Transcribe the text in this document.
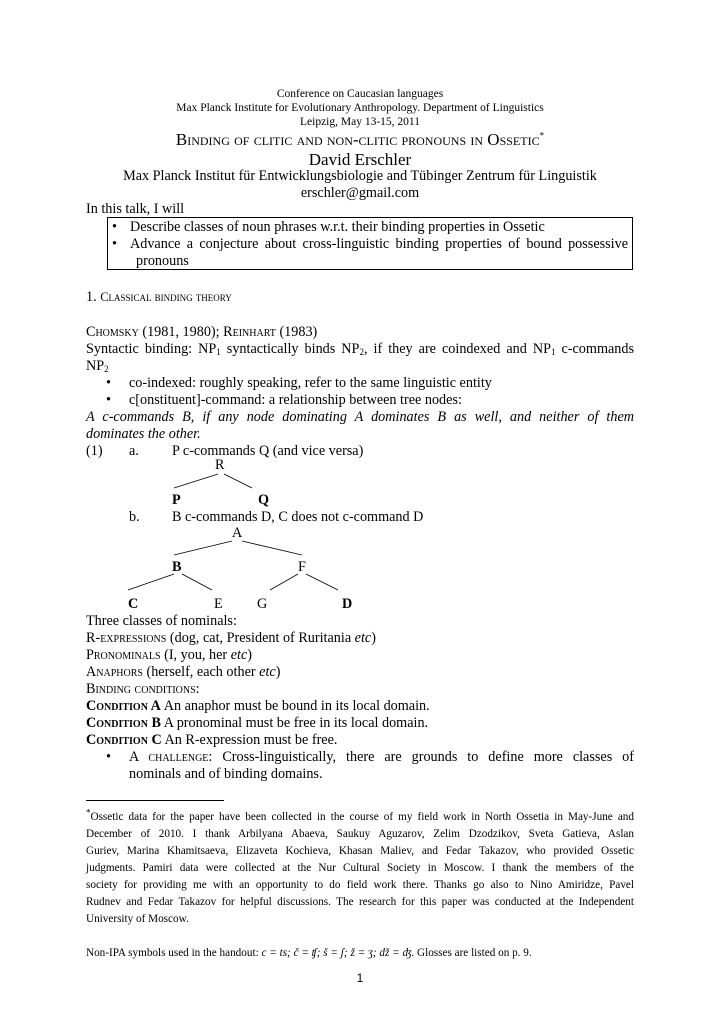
Conference on Caucasian languages
Max Planck Institute for Evolutionary Anthropology. Department of Linguistics
Leipzig, May 13-15, 2011
Binding of clitic and non-clitic pronouns in Ossetic*
David Erschler
Max Planck Institut für Entwicklungsbiologie and Tübinger Zentrum für Linguistik
erschler@gmail.com
In this talk, I will
• Describe classes of noun phrases w.r.t. their binding properties in Ossetic
• Advance a conjecture about cross-linguistic binding properties of bound possessive
pronouns
1. Classical binding theory
Chomsky (1981, 1980); Reinhart (1983)
Syntactic binding: $NP_1$ syntactically binds $NP_2$, if they are coindexed and $NP_1$ c-commands
$NP_2$
• co-indexed: roughly speaking, refer to the same linguistic entity
• c[onstituent]-command: a relationship between tree nodes:
A c-commands B, if any node dominating A dominates B as well, and neither of them
dominates the other.
(1) a. P c-commands Q (and vice versa)
R
P	Q
b. B c-commands D, C does not c-command D
A
B	F
C	E G	D
Three classes of nominals:
R-expressions (dog, cat, President of Ruritania etc)
Pronominals (I, you, her etc)
Anaphors (herself, each other etc)
Binding conditions:
Condition A An anaphor must be bound in its local domain.
Condition B A pronominal must be free in its local domain.
Condition C An R-expression must be free.
• A challenge: Cross-linguistically, there are grounds to define more classes of
nominals and of binding domains.
*Ossetic data for the paper have been collected in the course of my field work in North Ossetia in May-June and
December of 2010. I thank Arbilyana Abaeva, Saukuy Aguzarov, Zelim Dzodzikov, Sveta Gatieva, Aslan
Guriev, Marina Khamitsaeva, Elizaveta Kochieva, Khasan Maliev, and Fedar Takazov, who provided Ossetic
judgments. Pamiri data were collected at the Nur Cultural Society in Moscow. I thank the members of the
society for providing me with an opportunity to do field work there. Thanks go also to Nino Amiridze, Pavel
Rudnev and Fedar Takazov for helpful discussions. The research for this paper was conducted at the Independent
University of Moscow.
Non-IPA symbols used in the handout: c = ts; č = ʧ; š = ʃ; ž = ʒ; dž = ʤ. Glosses are listed on p. 9.
1
